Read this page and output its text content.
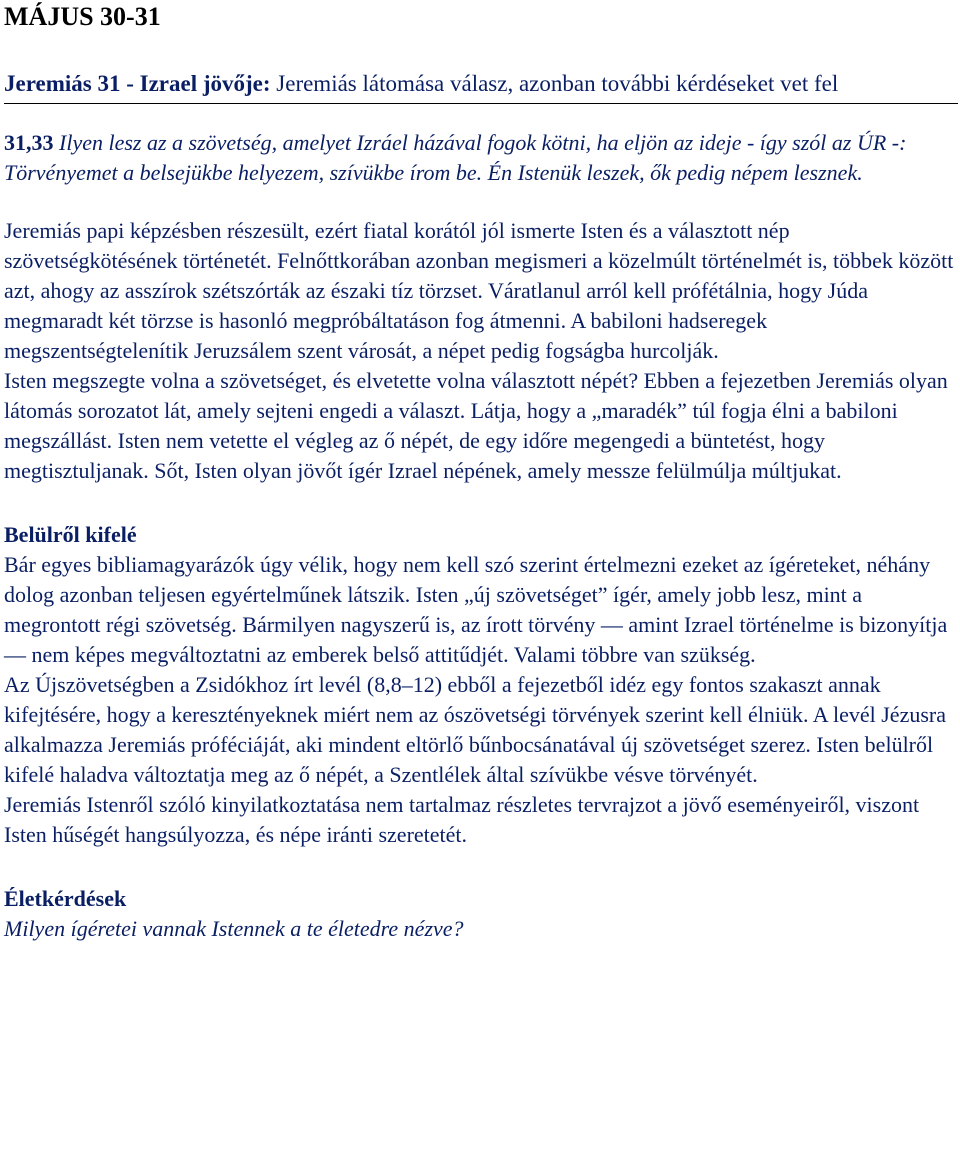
MÁJUS 30-31
Jeremiás 31 - Izrael jövője: Jeremiás látomása válasz, azonban további kérdéseket vet fel

31,33 Ilyen lesz az a szövetség, amelyet Izráel házával fogok kötni, ha eljön az ideje - így szól az ÚR -: Törvényemet a belsejükbe helyezem, szívükbe írom be. Én Istenük leszek, ők pedig népem lesznek.

Jeremiás papi képzésben részesült, ezért fiatal korától jól ismerte Isten és a választott nép szövetségkötésének történetét. Felnőttkorában azonban megismeri a közelmúlt történelmét is, többek között azt, ahogy az asszírok szétszórták az északi tíz törzset. Váratlanul arról kell prófétálnia, hogy Júda megmaradt két törzse is hasonló megpróbáltatáson fog átmenni. A babiloni hadseregek megszentségtelenítik Jeruzsálem szent városát, a népet pedig fogságba hurcolják.

Isten megszegte volna a szövetséget, és elvetette volna választott népét? Ebben a fejezetben Jeremiás olyan látomás sorozatot lát, amely sejteni engedi a választ. Látja, hogy a „maradék” túl fogja élni a babiloni megszállást. Isten nem vetette el végleg az ő népét, de egy időre megengedi a büntetést, hogy megtisztuljanak. Sőt, Isten olyan jövőt ígér Izrael népének, amely messze felülmúlja múltjukat.

Belülről kifelé

Bár egyes bibliamagyarázók úgy vélik, hogy nem kell szó szerint értelmezni ezeket az ígéreteket, néhány dolog azonban teljesen egyértelműnek látszik. Isten „új szövetséget” ígér, amely jobb lesz, mint a megrontott régi szövetség. Bármilyen nagyszerű is, az írott törvény — amint Izrael történelme is bizonyítja — nem képes megváltoztatni az emberek belső attitűdjét. Valami többre van szükség.

Az Újszövetségben a Zsidókhoz írt levél (8,8–12) ebből a fejezetből idéz egy fontos szakaszt annak kifejtésére, hogy a keresztényeknek miért nem az ószövetségi törvények szerint kell élniük. A levél Jézusra alkalmazza Jeremiás próféciáját, aki mindent eltörlő bűnbocsánatával új szövetséget szerez. Isten belülről kifelé haladva változtatja meg az ő népét, a Szentlélek által szívükbe vésve törvényét.

Jeremiás Istenről szóló kinyilatkoztatása nem tartalmaz részletes tervrajzot a jövő eseményeiről, viszont Isten hűségét hangsúlyozza, és népe iránti szeretetét.

Életkérdések

Milyen ígéretei vannak Istennek a te életedre nézve?
